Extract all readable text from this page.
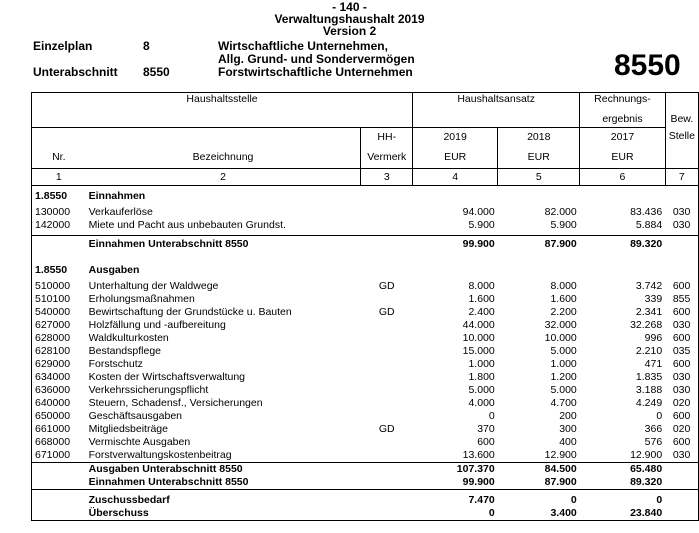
- 140 -
Verwaltungshaushalt 2019
Version 2
Einzelplan	8	Wirtschaftliche Unternehmen,
Allg. Grund- und Sondervermögen
Unterabschnitt 8550	Forstwirtschaftliche Unternehmen	8550
Haushaltsstelle			Haushaltsansatz		Rechnungs-	
					ergebnis	Bew.
		HH-	2019	2018	2017	Stelle
Nr.	Bezeichnung	Vermerk	EUR	EUR	EUR	
1	2	3	4	5	6	7

1.8550	Einnahmen					

130000	Verkauferlöse		94.000	82.000	83.436	030
142000	Miete und Pacht aus unbebauten Grundst.		5.900	5.900	5.884	030

	Einnahmen Unterabschnitt 8550		99.900	87.900	89.320	

1.8550	Ausgaben					

510000	Unterhaltung der Waldwege	GD	8.000	8.000	3.742	600
510100	Erholungsmaßnahmen		1.600	1.600	339	855
540000	Bewirtschaftung der Grundstücke u. Bauten	GD	2.400	2.200	2.341	600
627000	Holzfällung und -aufbereitung		44.000	32.000	32.268	030
628000	Waldkulturkosten		10.000	10.000	996	600
628100	Bestandspflege		15.000	5.000	2.210	035
629000	Forstschutz		1.000	1.000	471	600
634000	Kosten der Wirtschaftsverwaltung		1.800	1.200	1.835	030
636000	Verkehrssicherungspflicht		5.000	5.000	3.188	030
640000	Steuern, Schadensf., Versicherungen		4.000	4.700	4.249	020
650000	Geschäftsausgaben		0	200	0	600
661000	Mitgliedsbeiträge	GD	370	300	366	020
668000	Vermischte Ausgaben		600	400	576	600
671000	Forstverwaltungskostenbeitrag		13.600	12.900	12.900	030
	Ausgaben Unterabschnitt 8550		107.370	84.500	65.480	
	Einnahmen Unterabschnitt 8550		99.900	87.900	89.320	

	Zuschussbedarf		7.470	0	0	
	Überschuss		0	3.400	23.840	
